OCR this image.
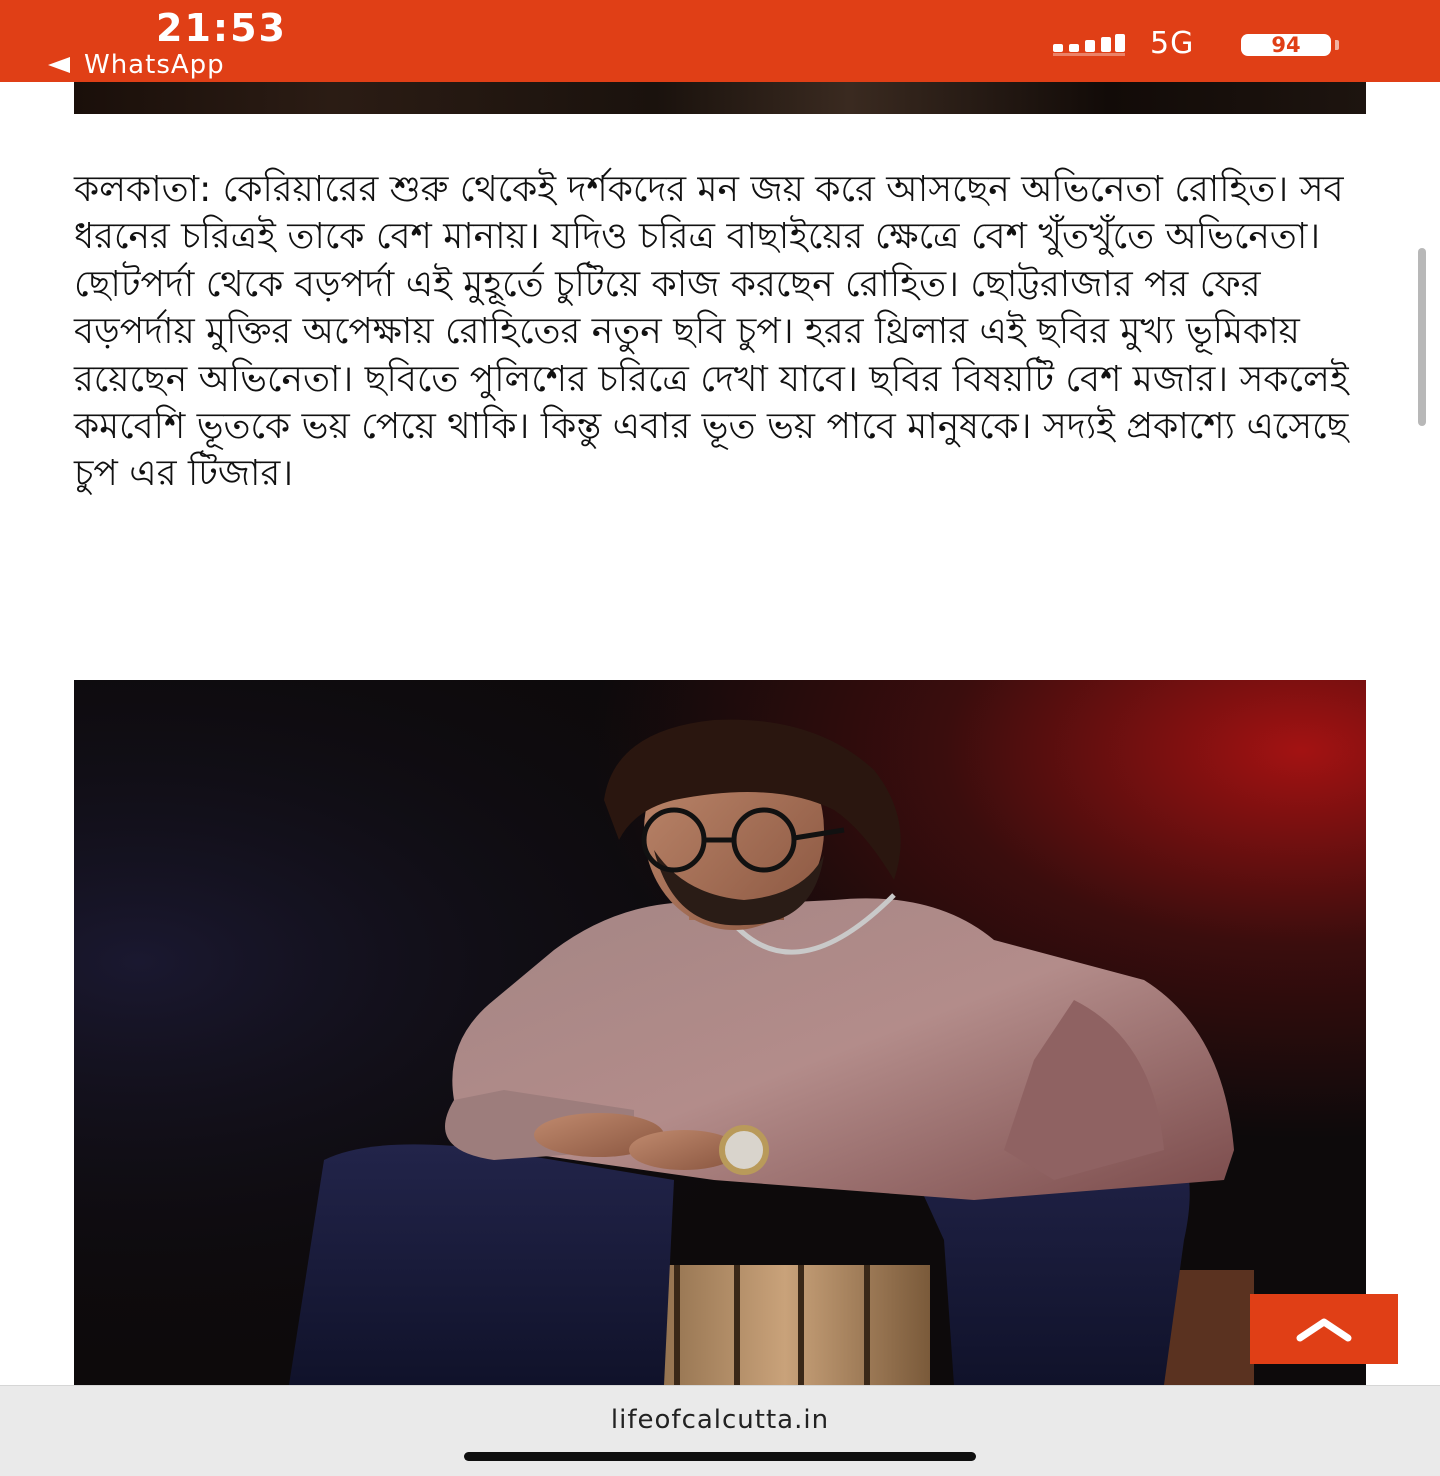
21:53
WhatsApp
5G	94

কলকাতা: কেরিয়ারের শুরু থেকেই দর্শকদের মন জয় করে আসছেন অভিনেতা রোহিত। সব ধরনের চরিত্রই তাকে বেশ মানায়। যদিও চরিত্র বাছাইয়ের ক্ষেত্রে বেশ খুঁতখুঁতে অভিনেতা। ছোটপর্দা থেকে বড়পর্দা এই মুহূর্তে চুটিয়ে কাজ করছেন রোহিত। ছোট্টরাজার পর ফের বড়পর্দায় মুক্তির অপেক্ষায় রোহিতের নতুন ছবি চুপ। হরর থ্রিলার এই ছবির মুখ্য ভূমিকায় রয়েছেন অভিনেতা। ছবিতে পুলিশের চরিত্রে দেখা যাবে। ছবির বিষয়টি বেশ মজার। সকলেই কমবেশি ভূতকে ভয় পেয়ে থাকি। কিন্তু এবার ভূত ভয় পাবে মানুষকে। সদ্যই প্রকাশ্যে এসেছে চুপ এর টিজার।

lifeofcalcutta.in
